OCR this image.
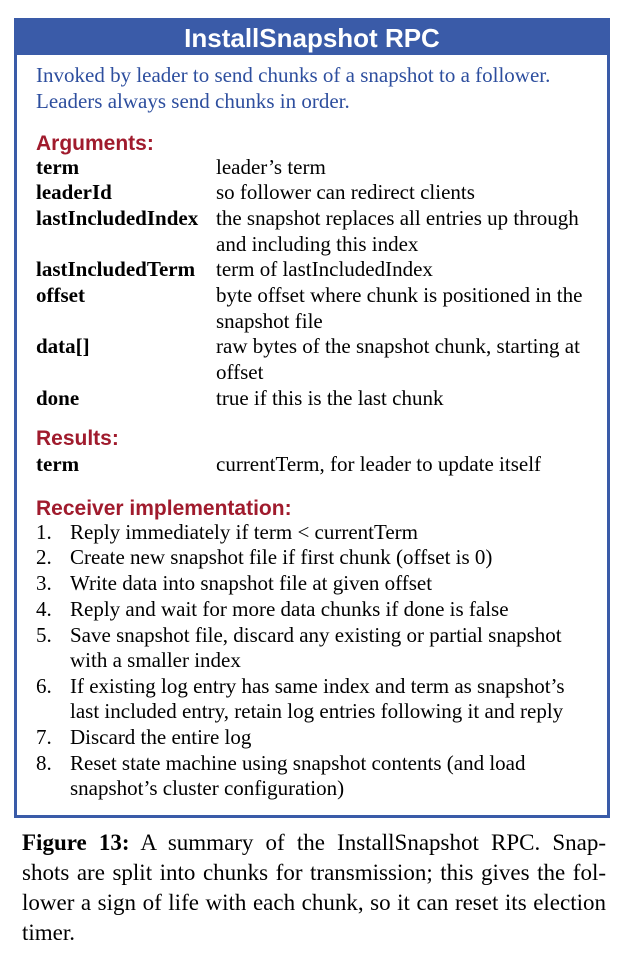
InstallSnapshot RPC
Invoked by leader to send chunks of a snapshot to a follower.
Leaders always send chunks in order.
Arguments:
term	leader’s term
leaderId	so follower can redirect clients
lastIncludedIndex the snapshot replaces all entries up through
and including this index
lastIncludedTerm term of lastIncludedIndex
offset	byte offset where chunk is positioned in the
snapshot file
data[]	raw bytes of the snapshot chunk, starting at
offset
done	true if this is the last chunk
Results:
term	currentTerm, for leader to update itself
Receiver implementation:
1. Reply immediately if term < currentTerm
2. Create new snapshot file if first chunk (offset is 0)
3. Write data into snapshot file at given offset
4. Reply and wait for more data chunks if done is false
5. Save snapshot file, discard any existing or partial snapshot
with a smaller index
6. If existing log entry has same index and term as snapshot’s
last included entry, retain log entries following it and reply
7. Discard the entire log
8. Reset state machine using snapshot contents (and load
snapshot’s cluster configuration)
Figure 13: A summary of the InstallSnapshot RPC. Snap-
shots are split into chunks for transmission; this gives the fol-
lower a sign of life with each chunk, so it can reset its election
timer.
